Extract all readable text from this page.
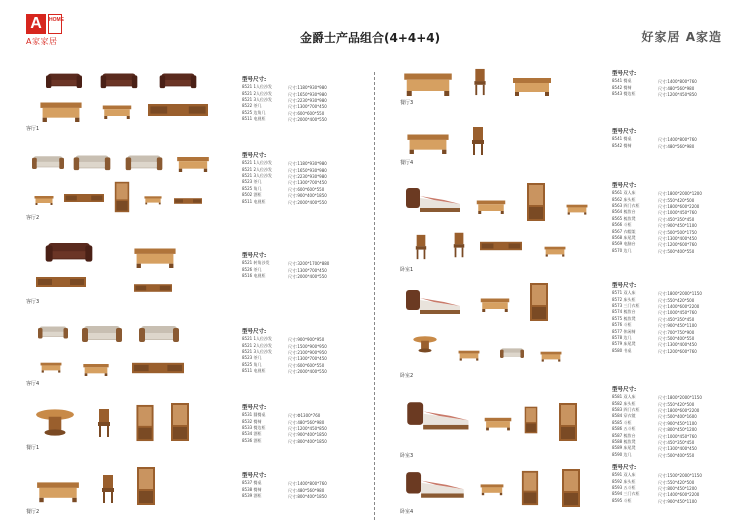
A	HOME
A家家居	金爵士产品组合(4+4+4)	好家居 A家造
客厅1
型号尺寸:
8521 1人位沙发	尺寸:1180*930*980
8521 2人位沙发	尺寸:1650*930*980
8521 3人位沙发	尺寸:2230*930*980
8522 茶几	尺寸:1300*700*450
8525 边角几	尺寸:600*600*550
8511 电视柜	尺寸:2000*400*550
客厅2
型号尺寸:
8521 1人位沙发	尺寸:1180*930*980
8521 2人位沙发	尺寸:1650*930*980
8521 3人位沙发	尺寸:2230*930*980
8523 茶几	尺寸:1300*700*450
8525 角几	尺寸:600*600*550
8502 酒柜	尺寸:900*400*1850
8511 电视柜	尺寸:2000*400*550
客厅3
型号尺寸:
8521 转角沙发	尺寸:3200*1700*880
8526 茶几	尺寸:1300*700*450
8516 电视柜	尺寸:2000*400*550
客厅4
型号尺寸:
8521 1人位沙发	尺寸:900*900*950
8521 2人位沙发	尺寸:1500*900*950
8521 3人位沙发	尺寸:2100*900*950
8523 茶几	尺寸:1300*700*450
8525 角几	尺寸:600*600*550
8511 电视柜	尺寸:2000*400*550
餐厅1
型号尺寸:
8531 圆餐桌	尺寸:Φ1300*760
8532 餐椅	尺寸:480*560*980
8533 餐边柜	尺寸:1200*450*850
8534 酒柜	尺寸:900*400*1850
8536 酒柜	尺寸:800*400*1850
餐厅2
型号尺寸:
8537 餐桌	尺寸:1400*800*760
8538 餐椅	尺寸:480*560*980
8539 酒柜	尺寸:800*400*1850
餐厅3
型号尺寸:
8541 餐桌	尺寸:1400*800*760
8542 餐椅	尺寸:480*560*980
8543 餐边柜	尺寸:1200*450*850
餐厅4
型号尺寸:
8541 餐桌	尺寸:1400*800*760
8542 餐椅	尺寸:480*560*980
卧室1
型号尺寸:
8561 双人床	尺寸:1800*2000*1200
8562 床头柜	尺寸:550*420*500
8563 四门衣柜	尺寸:1800*600*2200
8564 梳妆台	尺寸:1000*450*760
8565 梳妆凳	尺寸:450*350*450
8566 斗柜	尺寸:900*450*1100
8567 衣帽架	尺寸:500*500*1750
8568 床尾凳	尺寸:1300*400*450
8569 电脑台	尺寸:1200*600*760
8570 边几	尺寸:500*400*550
卧室2
型号尺寸:
8571 双人床	尺寸:1800*2000*1150
8572 床头柜	尺寸:550*420*500
8573 三门衣柜	尺寸:1400*600*2200
8574 梳妆台	尺寸:1000*450*760
8575 梳妆凳	尺寸:450*350*450
8576 斗柜	尺寸:900*450*1100
8577 休闲椅	尺寸:700*750*900
8578 边几	尺寸:500*400*550
8579 床尾凳	尺寸:1300*400*450
8580 书桌	尺寸:1200*600*760
卧室3
型号尺寸:
8581 双人床	尺寸:1800*2000*1150
8582 床头柜	尺寸:550*420*500
8583 四门衣柜	尺寸:1800*600*2200
8584 穿衣镜	尺寸:500*400*1600
8585 斗柜	尺寸:900*450*1100
8586 五斗柜	尺寸:800*450*1200
8587 梳妆台	尺寸:1000*450*760
8588 梳妆凳	尺寸:450*350*450
8589 床尾凳	尺寸:1300*400*450
8590 边几	尺寸:500*400*550
卧室4
型号尺寸:
8591 双人床	尺寸:1500*2000*1150
8592 床头柜	尺寸:550*420*500
8593 五斗柜	尺寸:800*450*1200
8594 三门衣柜	尺寸:1400*600*2200
8595 斗柜	尺寸:900*450*1100
